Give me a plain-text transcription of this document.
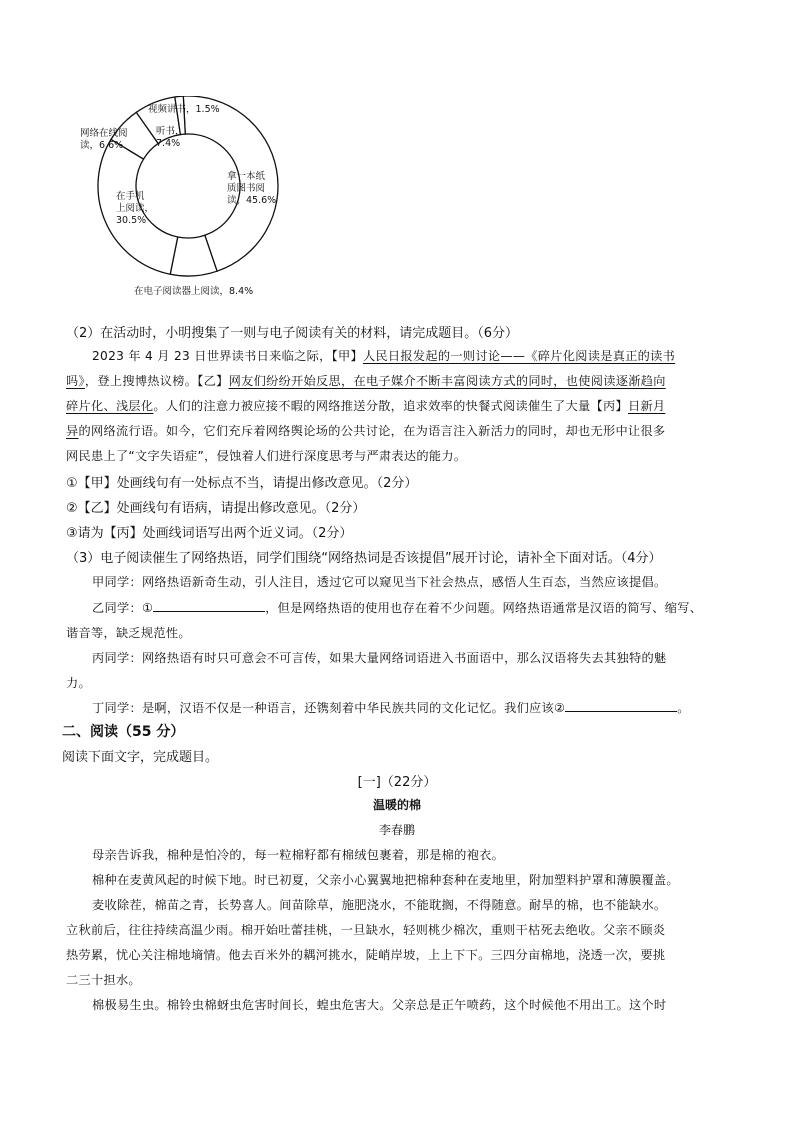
拿一本纸
质图书阅
读，45.6%
在手机
上阅读，
30.5%
在电子阅读器上阅读，8.4%
网络在线阅
读，6.6%
听书，
7.4%
视频讲书，1.5%
（2）在活动时，小明搜集了一则与电子阅读有关的材料，请完成题目。（6分）
2023 年 4 月 23 日世界读书日来临之际，【甲】人民日报发起的一则讨论——《碎片化阅读是真正的读书
吗》，登上搜博热议榜。【乙】网友们纷纷开始反思，在电子媒介不断丰富阅读方式的同时，也使阅读逐渐趋向
碎片化、浅层化。人们的注意力被应接不暇的网络推送分散，追求效率的快餐式阅读催生了大量【丙】日新月
异的网络流行语。如今，它们充斥着网络舆论场的公共讨论，在为语言注入新活力的同时，却也无形中让很多
网民患上了“文字失语症”，侵蚀着人们进行深度思考与严肃表达的能力。
①【甲】处画线句有一处标点不当，请提出修改意见。（2分）
②【乙】处画线句有语病，请提出修改意见。（2分）
③请为【丙】处画线词语写出两个近义词。（2分）
（3）电子阅读催生了网络热语，同学们围绕“网络热词是否该提倡”展开讨论，请补全下面对话。（4分）
甲同学：网络热语新奇生动，引人注目，透过它可以窥见当下社会热点，感悟人生百态，当然应该提倡。
乙同学：①	，但是网络热语的使用也存在着不少问题。网络热语通常是汉语的简写、缩写、
谐音等，缺乏规范性。
丙同学：网络热语有时只可意会不可言传，如果大量网络词语进入书面语中，那么汉语将失去其独特的魅
力。
丁同学：是啊，汉语不仅是一种语言，还镌刻着中华民族共同的文化记忆。我们应该②	。
二、阅读（55 分）
阅读下面文字，完成题目。
[一]（22分）
温暖的棉
李春鹏
母亲告诉我，棉种是怕冷的，每一粒棉籽都有棉绒包裹着，那是棉的袍衣。
棉种在麦黄风起的时候下地。时已初夏，父亲小心翼翼地把棉种套种在麦地里，附加塑料护罩和薄膜覆盖。
麦收除茬，棉苗之青，长势喜人。间苗除草，施肥浇水，不能耽搁，不得随意。耐旱的棉，也不能缺水。
立秋前后，往往持续高温少雨。棉开始吐蕾挂桃，一旦缺水，轻则桃少棉次，重则干枯死去绝收。父亲不顾炎
热劳累，忧心关注棉地墒情。他去百米外的耦河挑水，陡峭岸坡，上上下下。三四分亩棉地，浇透一次，要挑
二三十担水。
棉极易生虫。棉铃虫棉蚜虫危害时间长，蝗虫危害大。父亲总是正午喷药，这个时候他不用出工。这个时
